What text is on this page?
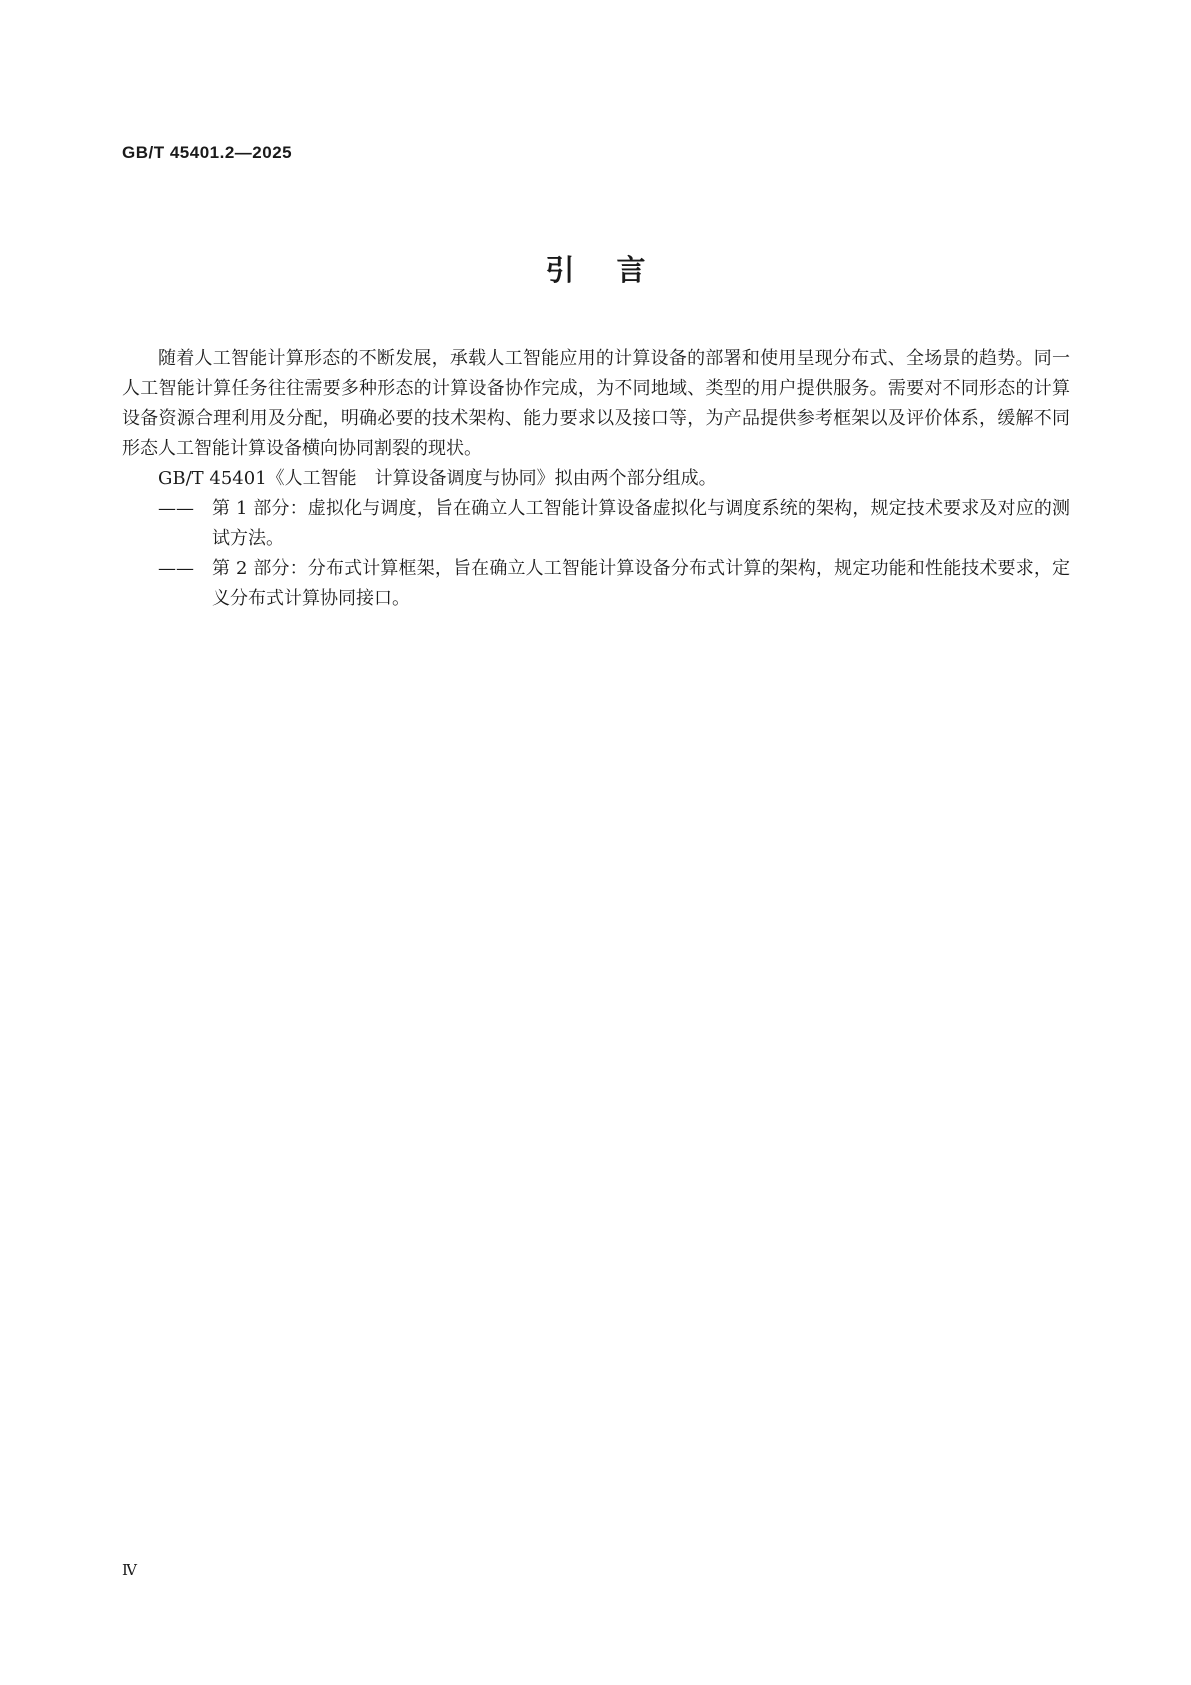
GB/T 45401.2—2025
引言

随着人工智能计算形态的不断发展，承载人工智能应用的计算设备的部署和使用呈现分布式、全场景的趋势。同一人工智能计算任务往往需要多种形态的计算设备协作完成，为不同地域、类型的用户提供服务。需要对不同形态的计算设备资源合理利用及分配，明确必要的技术架构、能力要求以及接口等，为产品提供参考框架以及评价体系，缓解不同形态人工智能计算设备横向协同割裂的现状。

GB/T 45401《人工智能　计算设备调度与协同》拟由两个部分组成。

——	第 1 部分：虚拟化与调度，旨在确立人工智能计算设备虚拟化与调度系统的架构，规定技术要求及对应的测试方法。

——	第 2 部分：分布式计算框架，旨在确立人工智能计算设备分布式计算的架构，规定功能和性能技术要求，定义分布式计算协同接口。

Ⅳ
